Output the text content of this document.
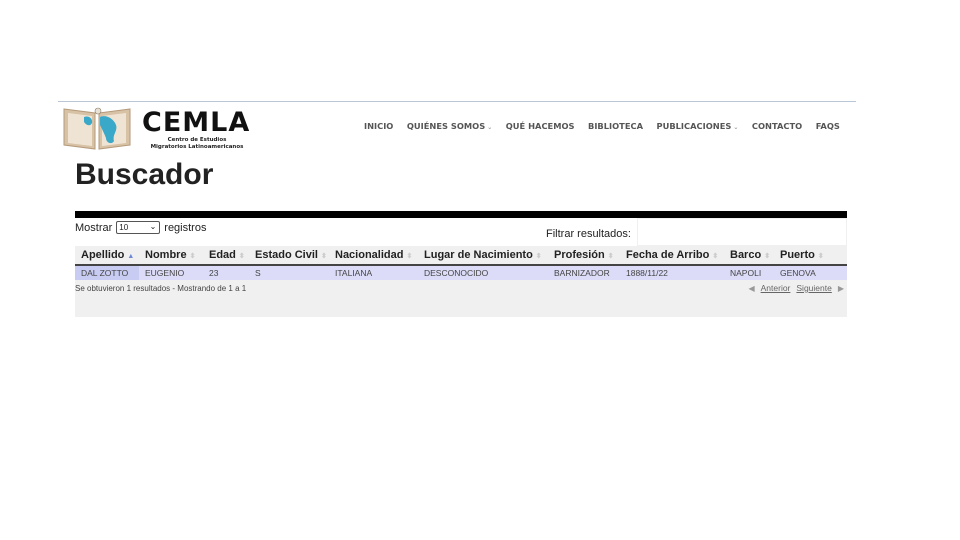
CEMLA
Centro de Estudios
Migratorios Latinoamericanos
INICIO QUIÉNES SOMOS ⌄ QUÉ HACEMOS BIBLIOTECA PUBLICACIONES ⌄ CONTACTO FAQS
Buscador
Mostrar 10	⌄ registros
Filtrar resultados:
Apellido ▲	Nombre ⬍	Edad ⬍	Estado Civil ⬍	Nacionalidad ⬍	Lugar de Nacimiento ⬍	Profesión ⬍	Fecha de Arribo ⬍	Barco ⬍	Puerto ⬍
DAL ZOTTO	EUGENIO	23	S	ITALIANA	DESCONOCIDO	BARNIZADOR	1888/11/22	NAPOLI	GENOVA
Se obtuvieron 1 resultados - Mostrando de 1 a 1	◀ Anterior Siguiente ▶
